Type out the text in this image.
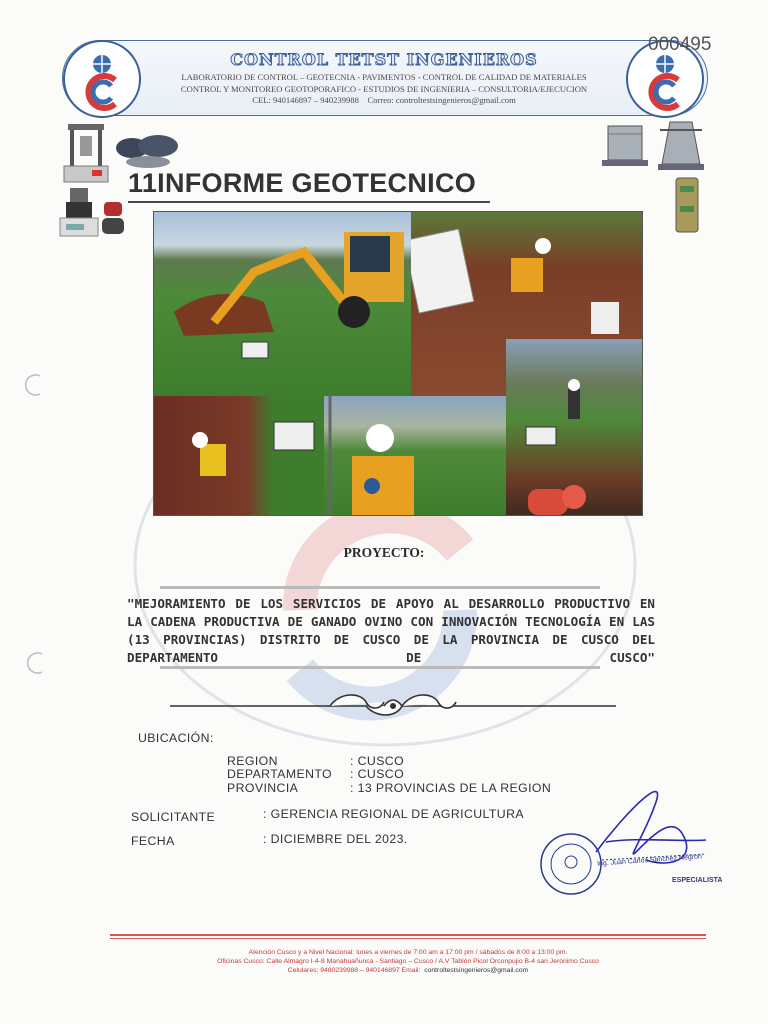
CONTROL TETST INGENIEROS
LABORATORIO DE CONTROL – GEOTECNIA - PAVIMENTOS - CONTROL DE CALIDAD DE MATERIALES
CONTROL Y MONITOREO GEOTOPORAFICO - ESTUDIOS DE INGENIERIA – CONSULTORIA/EJECUCION
CEL: 940146897 – 940239988 Correo: controltestsingenieros@gmail.com
000495
11INFORME GEOTECNICO
PROYECTO:
"MEJORAMIENTO DE LOS SERVICIOS DE APOYO AL DESARROLLO PRODUCTIVO EN LA CADENA PRODUCTIVA DE GANADO OVINO CON INNOVACIÓN TECNOLOGÍA EN LAS (13 PROVINCIAS) DISTRITO DE CUSCO DE LA PROVINCIA DE CUSCO DEL DEPARTAMENTO DE CUSCO"
UBICACIÓN:
REGION	: CUSCO
DEPARTAMENTO : CUSCO
PROVINCIA	: 13 PROVINCIAS DE LA REGION
SOLICITANTE	: GERENCIA REGIONAL DE AGRICULTURA
FECHA	: DICIEMBRE DEL 2023.
Ing. Juan Carlos Sanchez Negron
ESPECIALISTA
Atención Cusco y a Nivel Nacional: lunes a viernes de 7:00 am a 17:00 pm / sábados de 8:00 a 13:00 pm.
Oficinas Cusco: Calle Almagro I-4-8 Manahuañunca - Santiago – Cusco / A.V Tablón Picol Orconpujio B-4 san Jerónimo Cusco
Celulares: 9480239988 – 940146897 Email: controltestsingenieros@gmail.com
